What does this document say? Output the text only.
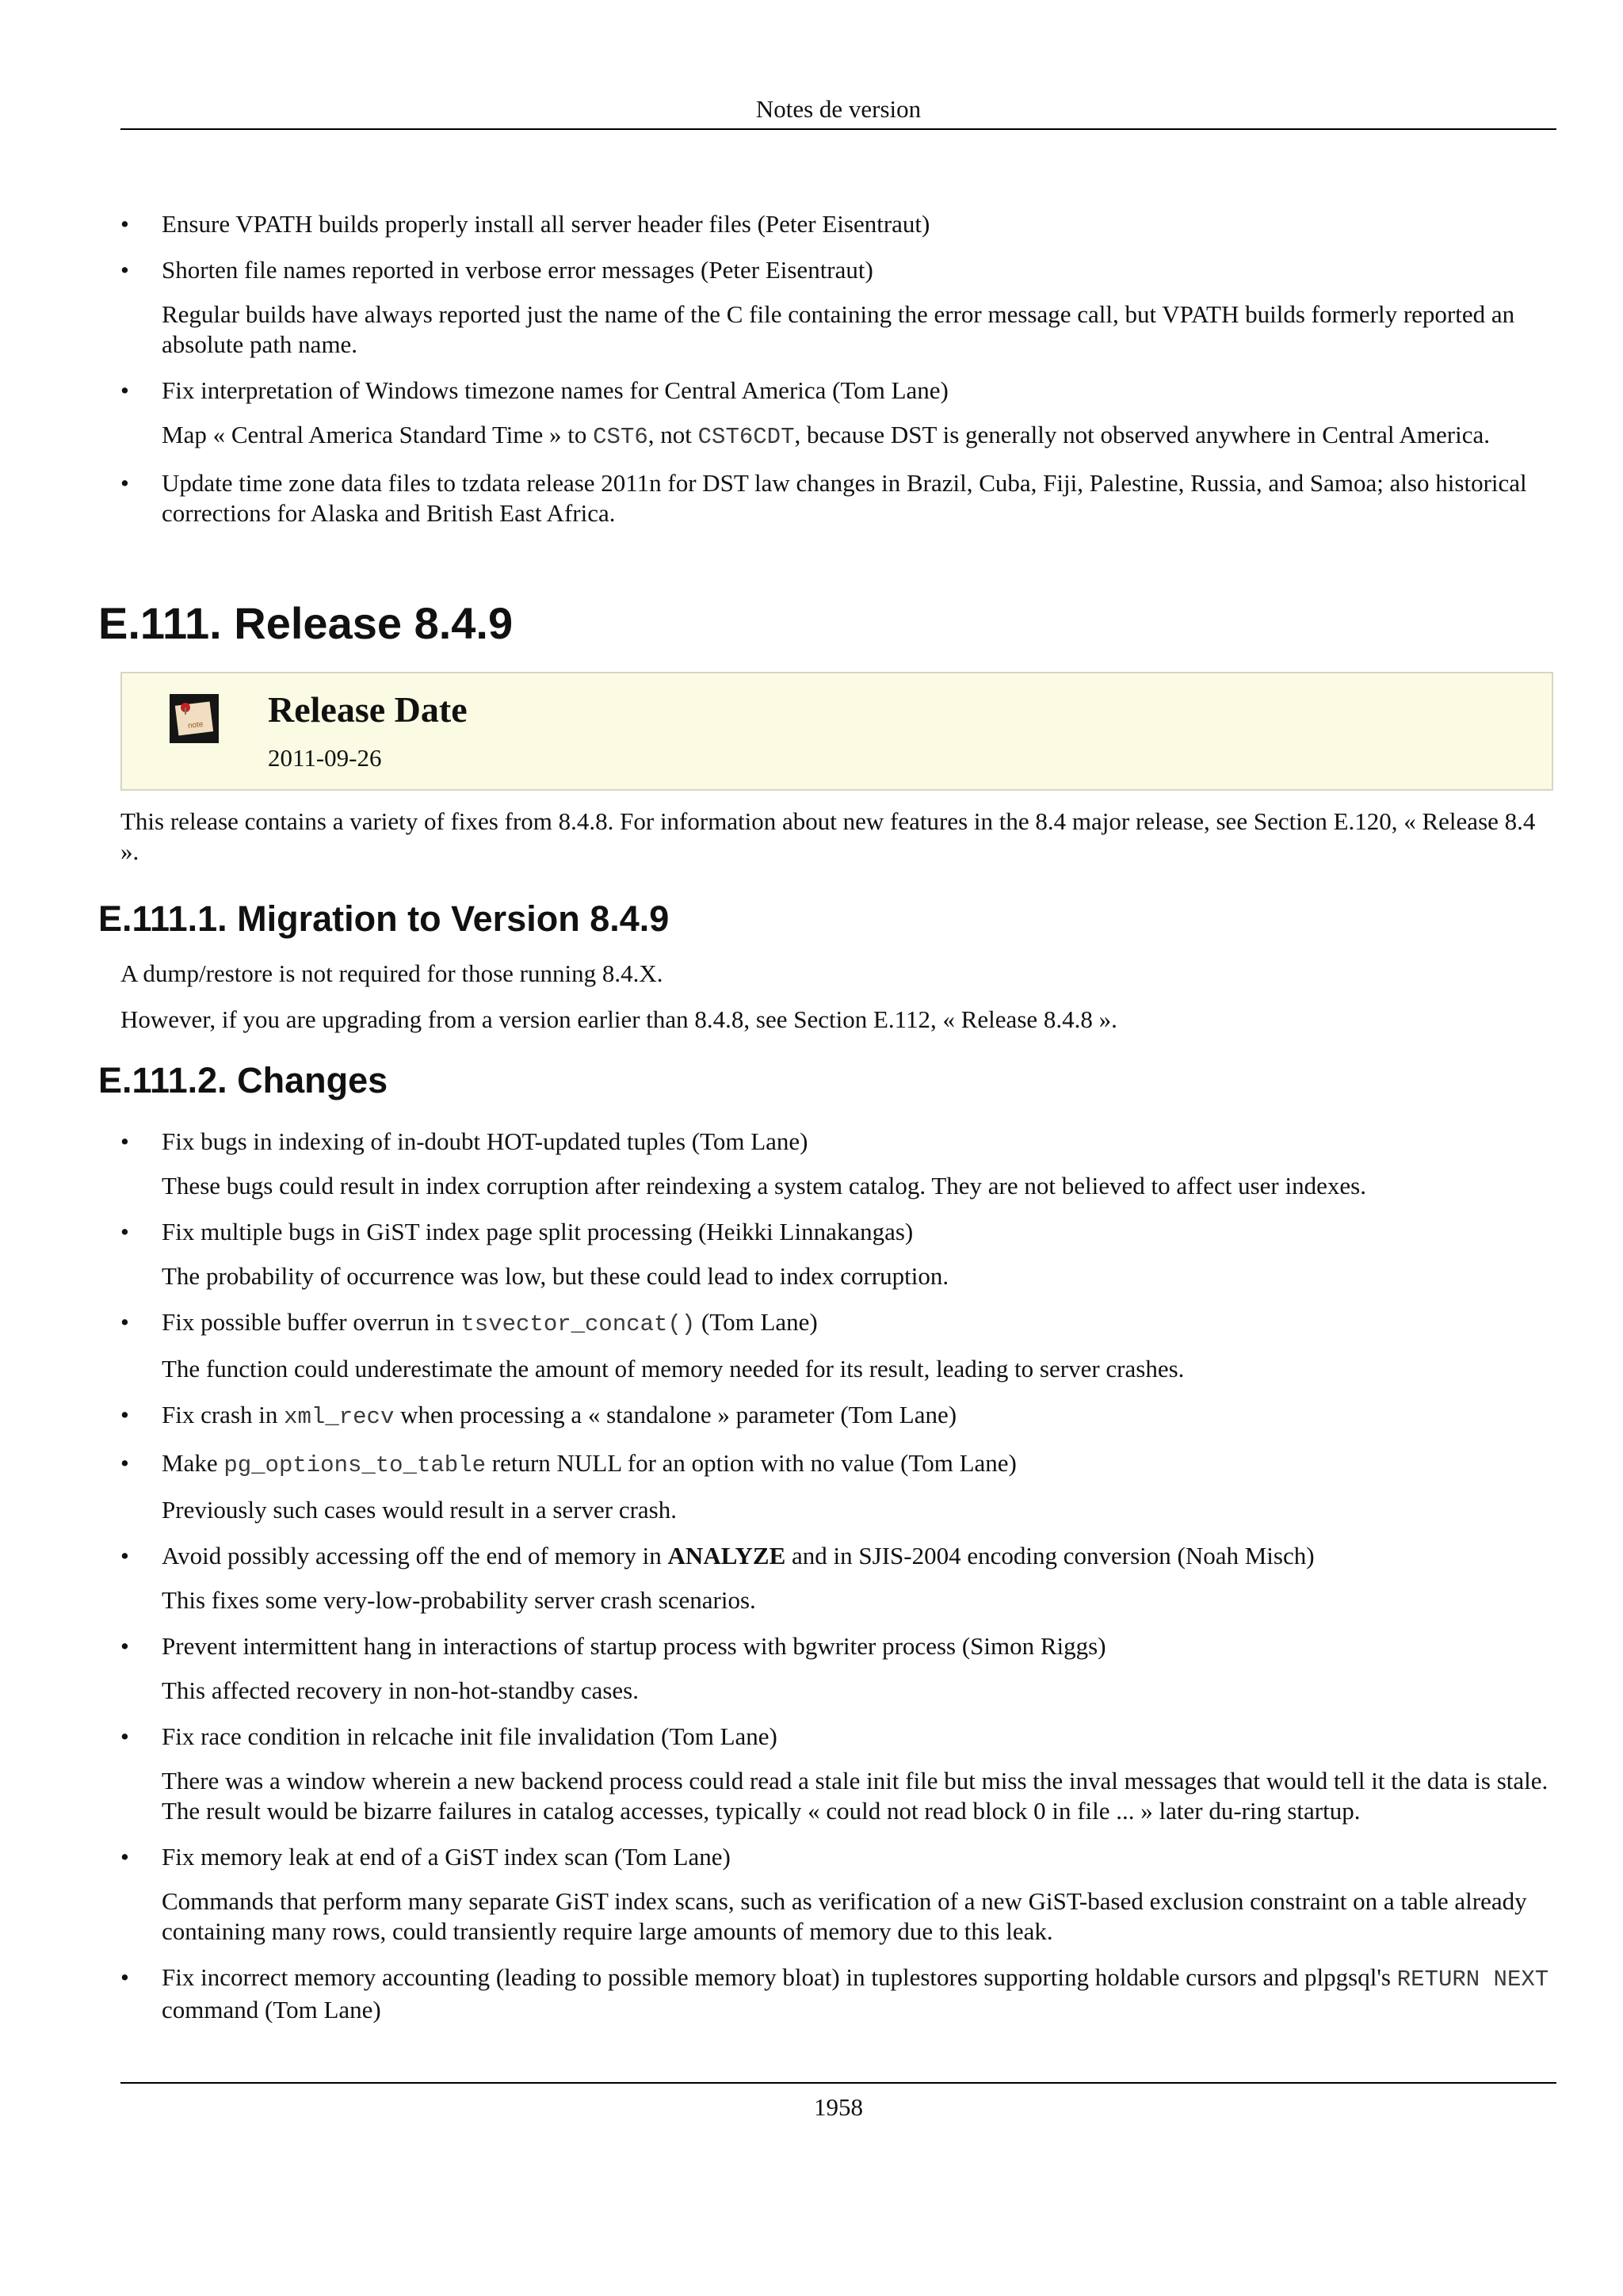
Notes de version
• Ensure VPATH builds properly install all server header files (Peter Eisentraut)

• Shorten file names reported in verbose error messages (Peter Eisentraut)

Regular builds have always reported just the name of the C file containing the error message call, but VPATH builds formerly reported an absolute path name.

• Fix interpretation of Windows timezone names for Central America (Tom Lane)

Map « Central America Standard Time » to CST6, not CST6CDT, because DST is generally not observed anywhere in Central America.

• Update time zone data files to tzdata release 2011n for DST law changes in Brazil, Cuba, Fiji, Palestine, Russia, and Samoa; also historical corrections for Alaska and British East Africa.

E.111. Release 8.4.9
note Release Date
2011-09-26

This release contains a variety of fixes from 8.4.8. For information about new features in the 8.4 major release, see Section E.120, « Release 8.4 ».

E.111.1. Migration to Version 8.4.9

A dump/restore is not required for those running 8.4.X.

However, if you are upgrading from a version earlier than 8.4.8, see Section E.112, « Release 8.4.8 ».

E.111.2. Changes
• Fix bugs in indexing of in-doubt HOT-updated tuples (Tom Lane)

These bugs could result in index corruption after reindexing a system catalog. They are not believed to affect user indexes.

• Fix multiple bugs in GiST index page split processing (Heikki Linnakangas)

The probability of occurrence was low, but these could lead to index corruption.

• Fix possible buffer overrun in tsvector_concat() (Tom Lane)

The function could underestimate the amount of memory needed for its result, leading to server crashes.

• Fix crash in xml_recv when processing a « standalone » parameter (Tom Lane)

• Make pg_options_to_table return NULL for an option with no value (Tom Lane)

Previously such cases would result in a server crash.

• Avoid possibly accessing off the end of memory in ANALYZE and in SJIS-2004 encoding conversion (Noah Misch)

This fixes some very-low-probability server crash scenarios.

• Prevent intermittent hang in interactions of startup process with bgwriter process (Simon Riggs)

This affected recovery in non-hot-standby cases.

• Fix race condition in relcache init file invalidation (Tom Lane)

There was a window wherein a new backend process could read a stale init file but miss the inval messages that would tell it the data is stale. The result would be bizarre failures in catalog accesses, typically « could not read block 0 in file ... » later du-ring startup.

• Fix memory leak at end of a GiST index scan (Tom Lane)

Commands that perform many separate GiST index scans, such as verification of a new GiST-based exclusion constraint on a table already containing many rows, could transiently require large amounts of memory due to this leak.

• Fix incorrect memory accounting (leading to possible memory bloat) in tuplestores supporting holdable cursors and plpgsql's RETURN NEXT command (Tom Lane)

1958
